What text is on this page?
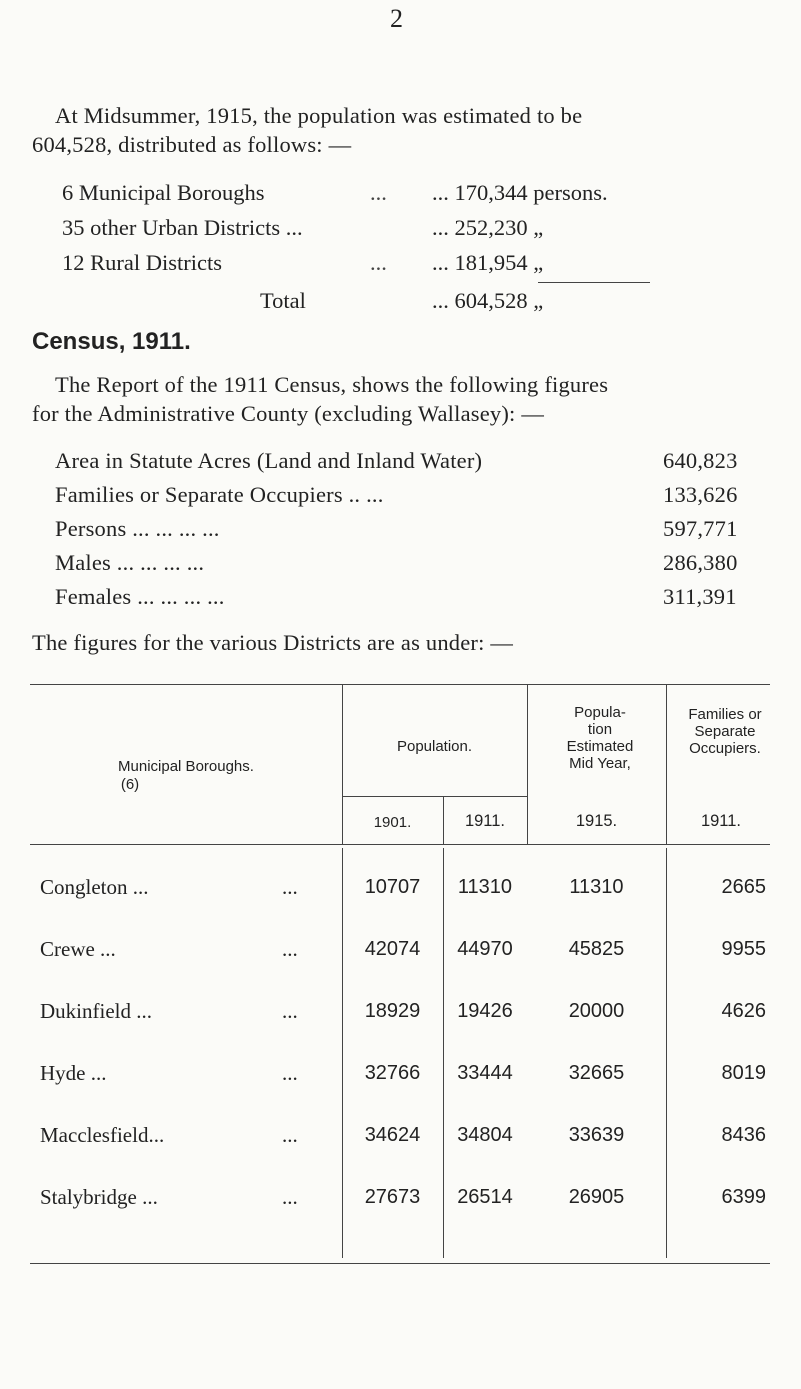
2
At Midsummer, 1915, the population was estimated to be
604,528, distributed as follows: —
6 Municipal Boroughs	... ... 170,344 persons.
35 other Urban Districts ...	... 252,230 „
12 Rural Districts	... ... 181,954 „
Total	... 604,528 „
Census, 1911.
The Report of the 1911 Census, shows the following figures
for the Administrative County (excluding Wallasey): —
Area in Statute Acres (Land and Inland Water)	640,823
Families or Separate Occupiers .. ...	133,626
Persons ... ... ... ...	597,771
Males ... ... ... ...	286,380
Females ... ... ... ...	311,391
The figures for the various Districts are as under: —
Municipal Boroughs.
(6)
Population.
1901.	1911.
Popula- tion Estimated Mid Year,
1915.
Families or Separate Occupiers.
1911.
Congleton ...	...	10707	11310	11310	2665
Crewe ...	...	42074	44970	45825	9955
Dukinfield ...	...	18929	19426	20000	4626
Hyde ...	...	32766	33444	32665	8019
Macclesfield...	...	34624	34804	33639	8436
Stalybridge ...	...	27673	26514	26905	6399
